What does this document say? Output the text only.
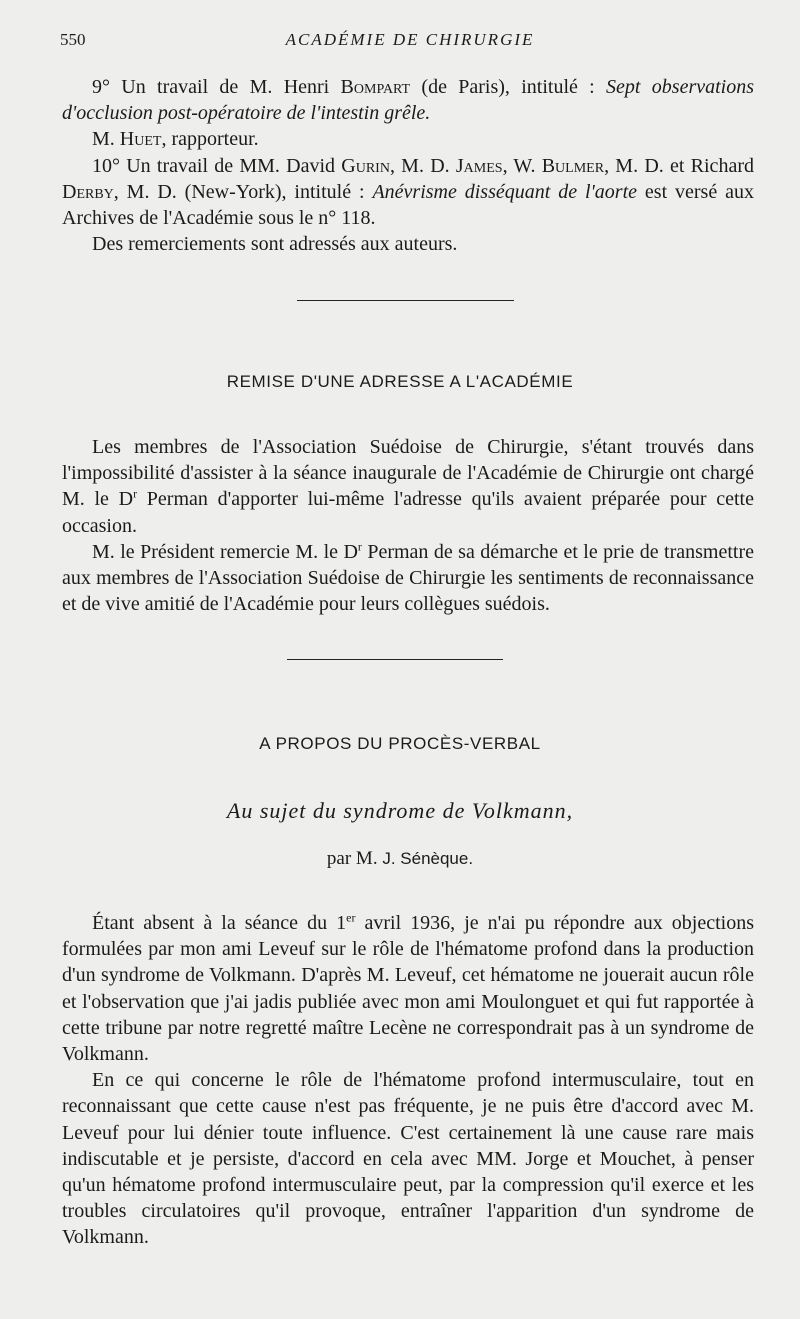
550	ACADÉMIE DE CHIRURGIE

9° Un travail de M. Henri Bompart (de Paris), intitulé : Sept observations d'occlusion post-opératoire de l'intestin grêle.

M. Huet, rapporteur.

10° Un travail de MM. David Gurin, M. D. James, W. Bulmer, M. D. et Richard Derby, M. D. (New-York), intitulé : Anévrisme disséquant de l'aorte est versé aux Archives de l'Académie sous le n° 118.

Des remerciements sont adressés aux auteurs.

REMISE D'UNE ADRESSE A L'ACADÉMIE

Les membres de l'Association Suédoise de Chirurgie, s'étant trouvés dans l'impossibilité d'assister à la séance inaugurale de l'Académie de Chirurgie ont chargé M. le $D^r$ Perman d'apporter lui-même l'adresse qu'ils avaient préparée pour cette occasion.

M. le Président remercie M. le $D^r$ Perman de sa démarche et le prie de transmettre aux membres de l'Association Suédoise de Chirurgie les sentiments de reconnaissance et de vive amitié de l'Académie pour leurs collègues suédois.

A PROPOS DU PROCÈS-VERBAL
Au sujet du syndrome de Volkmann,
par M. J. Sénèque.

Étant absent à la séance du 1er avril 1936, je n'ai pu répondre aux objections formulées par mon ami Leveuf sur le rôle de l'hématome profond dans la production d'un syndrome de Volkmann. D'après M. Leveuf, cet hématome ne jouerait aucun rôle et l'observation que j'ai jadis publiée avec mon ami Moulonguet et qui fut rapportée à cette tribune par notre regretté maître Lecène ne correspondrait pas à un syndrome de Volkmann.

En ce qui concerne le rôle de l'hématome profond intermusculaire, tout en reconnaissant que cette cause n'est pas fréquente, je ne puis être d'accord avec M. Leveuf pour lui dénier toute influence. C'est certainement là une cause rare mais indiscutable et je persiste, d'accord en cela avec MM. Jorge et Mouchet, à penser qu'un hématome profond intermusculaire peut, par la compression qu'il exerce et les troubles circulatoires qu'il provoque, entraîner l'apparition d'un syndrome de Volkmann.
